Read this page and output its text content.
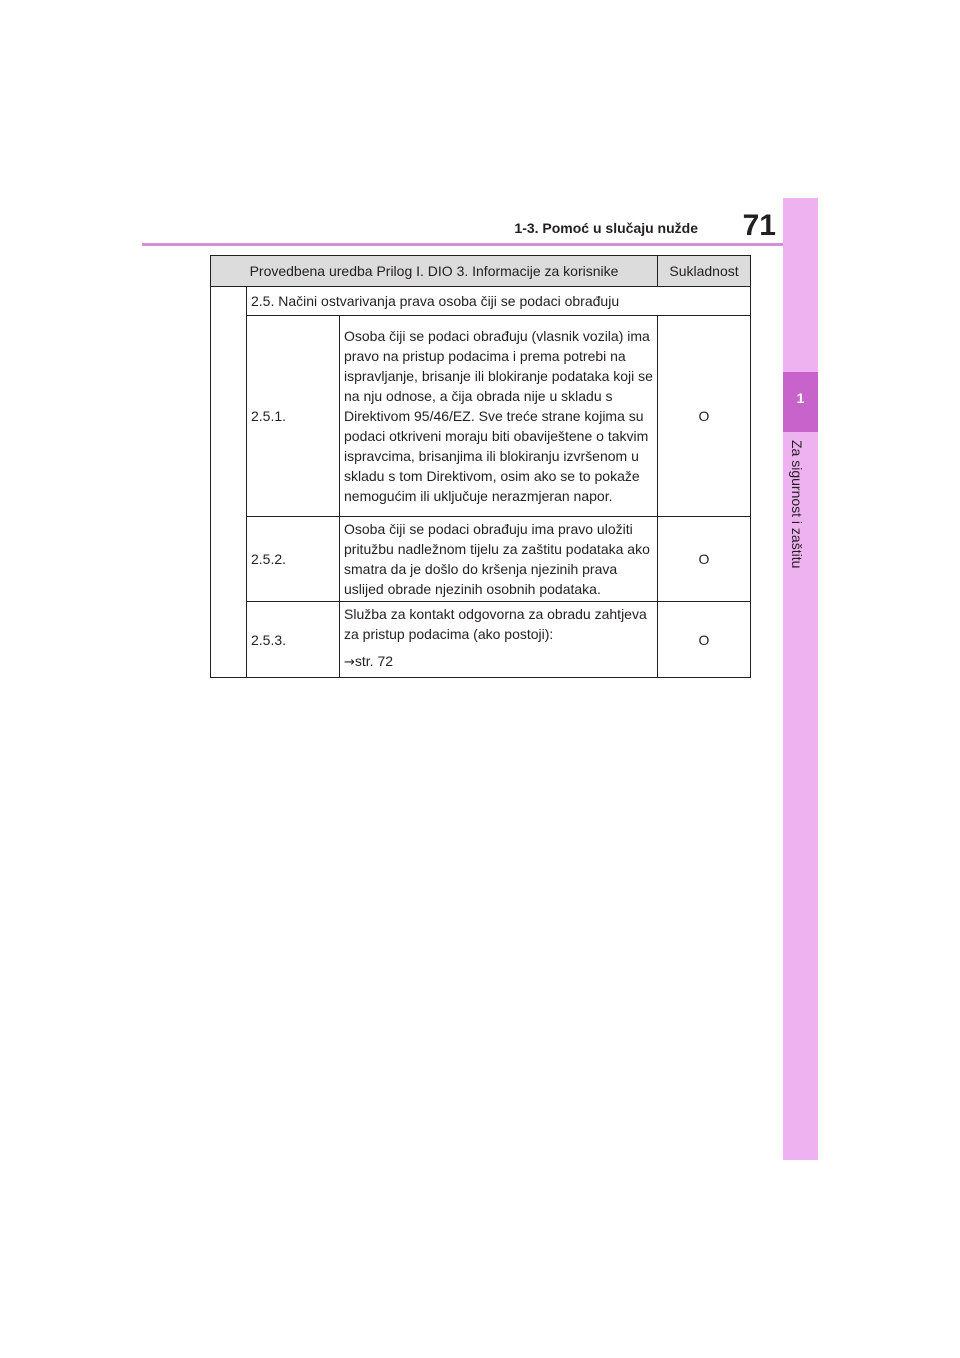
1
Za sigurnost i zaštitu
1-3. Pomoć u slučaju nužde	71
Provedbena uredba Prilog I. DIO 3. Informacije za korisnike			Sukladnost
	2.5. Načini ostvarivanja prava osoba čiji se podaci obrađuju		
	2.5.1.	Osoba čiji se podaci obrađuju (vlasnik vozila) ima pravo na pristup podacima i prema potrebi na ispravljanje, brisanje ili blokiranje podataka koji se na nju odnose, a čija obrada nije u skladu s Direktivom 95/46/EZ. Sve treće strane kojima su podaci otkriveni moraju biti obaviještene o takvim ispravcima, brisanjima ili blokiranju izvršenom u skladu s tom Direktivom, osim ako se to pokaže nemogućim ili uključuje nerazmjeran napor.	O
	2.5.2.	Osoba čiji se podaci obrađuju ima pravo uložiti pritužbu nadležnom tijelu za zaštitu podataka ako smatra da je došlo do kršenja njezinih prava uslijed obrade njezinih osobnih podataka.	O
	2.5.3.	Služba za kontakt odgovorna za obradu zahtjeva za pristup podacima (ako postoji):
→str. 72	O
